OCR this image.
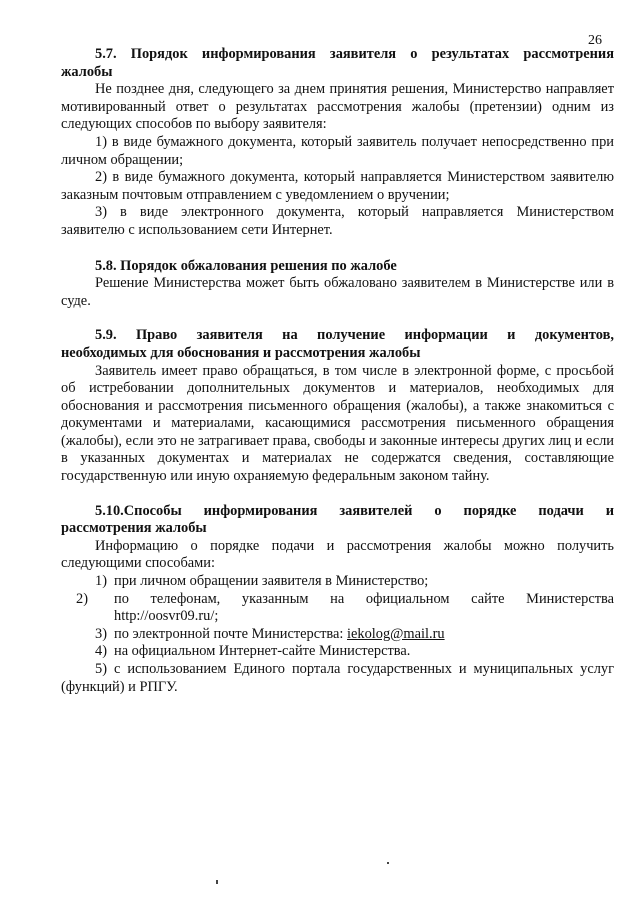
26
5.7. Порядок информирования заявителя о результатах рассмотрения
жалобы

Не позднее дня, следующего за днем принятия решения, Министерство направляет мотивированный ответ о результатах рассмотрения жалобы (претензии) одним из следующих способов по выбору заявителя:

1) в виде бумажного документа, который заявитель получает непосредственно при личном обращении;

2) в виде бумажного документа, который направляется Министерством заявителю заказным почтовым отправлением с уведомлением о вручении;

3) в виде электронного документа, который направляется Министерством заявителю с использованием сети Интернет.

5.8. Порядок обжалования решения по жалобе

Решение Министерства может быть обжаловано заявителем в Министерстве или в суде.

5.9. Право заявителя на получение информации и документов,
необходимых для обоснования и рассмотрения жалобы

Заявитель имеет право обращаться, в том числе в электронной форме, с просьбой об истребовании дополнительных документов и материалов, необходимых для обоснования и рассмотрения письменного обращения (жалобы), а также знакомиться с документами и материалами, касающимися рассмотрения письменного обращения (жалобы), если это не затрагивает права, свободы и законные интересы других лиц и если в указанных документах и материалах не содержатся сведения, составляющие государственную или иную охраняемую федеральным законом тайну.

5.10.Способы информирования заявителей о порядке подачи и
рассмотрения жалобы

Информацию о порядке подачи и рассмотрения жалобы можно получить следующими способами:

1) при личном обращении заявителя в Министерство;
2) по телефонам, указанным на официальном сайте Министерства
http://oosvr09.ru/;
3) по электронной почте Министерства: iekolog@mail.ru
4) на официальном Интернет-сайте Министерства.

5) с использованием Единого портала государственных и муниципальных услуг (функций) и РПГУ.
